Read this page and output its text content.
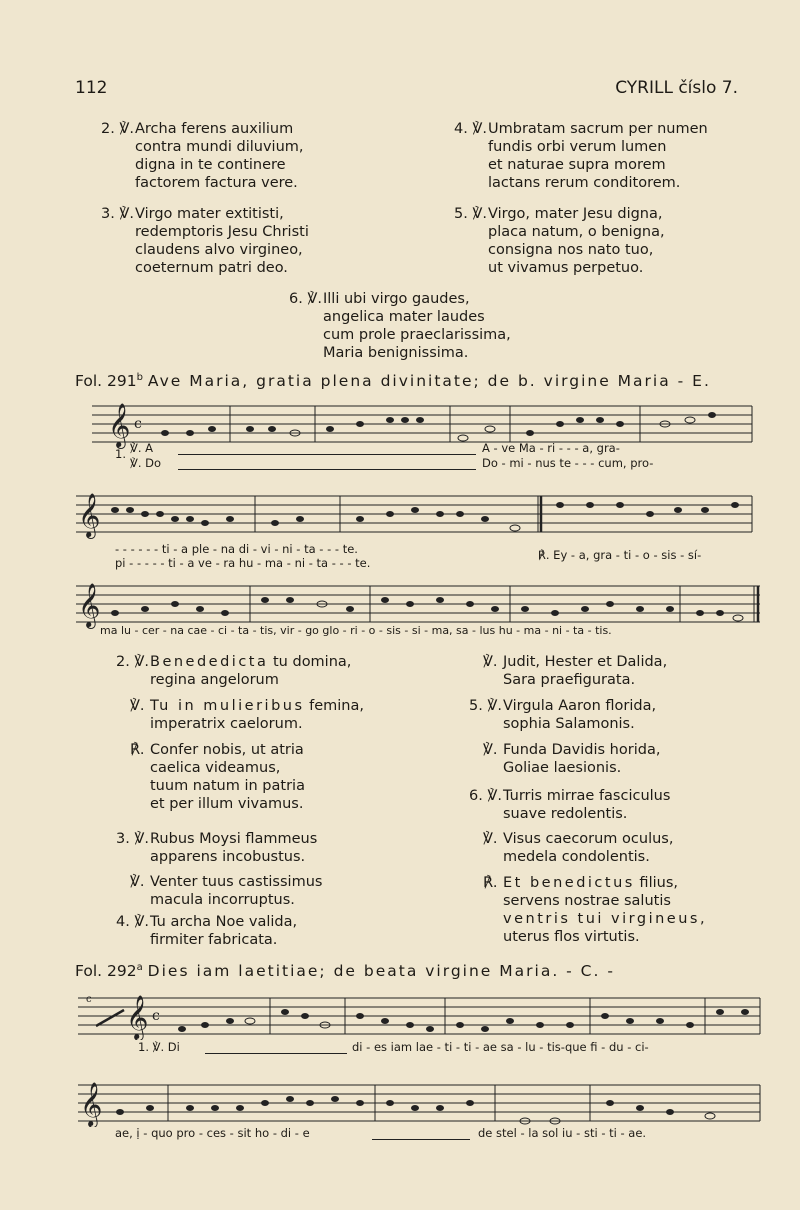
112	CYRILL číslo 7.
2. ℣. Archa ferens auxilium
contra mundi diluvium,
digna in te continere
factorem factura vere.
3. ℣. Virgo mater extitisti,
redemptoris Jesu Christi
claudens alvo virgineo,
coeternum patri deo.
4. ℣. Umbratam sacrum per numen
fundis orbi verum lumen
et naturae supra morem
lactans rerum conditorem.
5. ℣. Virgo, mater Jesu digna,
placa natum, o benigna,
consigna nos nato tuo,
ut vivamus perpetuo.
6. ℣. Illi ubi virgo gaudes,
angelica mater laudes
cum prole praeclarissima,
Maria benignissima.
Fol. 291$^b$ Ave Maria, gratia plena divinitate; de b. virgine Maria - E.
𝄞 c
1. ℣. A
℣. Do
A - ve Ma - ri - - - a, gra-
Do - mi - nus te - - - cum, pro-
𝄞
- - - - - - ti - a ple - na di - vi - ni - ta - - - te.
pi - - - - - ti - a ve - ra hu - ma - ni - ta - - - te.
℟. Ey - a, gra - ti - o - sis - sí-
𝄞
ma lu - cer - na cae - ci - ta - tis, vir - go glo - ri - o - sis - si - ma, sa - lus hu - ma - ni - ta - tis.
2. ℣. Benededicta tu domina,
regina angelorum
℣. Tu in mulieribus femina,
imperatrix caelorum.
℟. Confer nobis, ut atria
caelica videamus,
tuum natum in patria
et per illum vivamus.
3. ℣. Rubus Moysi flammeus
apparens incobustus.
℣. Venter tuus castissimus
macula incorruptus.
4. ℣. Tu archa Noe valida,
firmiter fabricata.
℣. Judit, Hester et Dalida,
Sara praefigurata.
5. ℣. Virgula Aaron florida,
sophia Salamonis.
℣. Funda Davidis horida,
Goliae laesionis.
6. ℣. Turris mirrae fasciculus
suave redolentis.
℣. Visus caecorum oculus,
medela condolentis.
℟. Et benedictus filius,
servens nostrae salutis
ventris tui virgineus,
uterus flos virtutis.
Fol. 292$^a$ Dies iam laetitiae; de beata virgine Maria. - C. -
c 𝄞 c
1. ℣. Di	di - es iam lae - ti - ti - ae sa - lu - tis-que fi - du - ci-
𝄞
ae, ị - quo pro - ces - sit ho - di - e	de stel - la sol iu - sti - ti - ae.
